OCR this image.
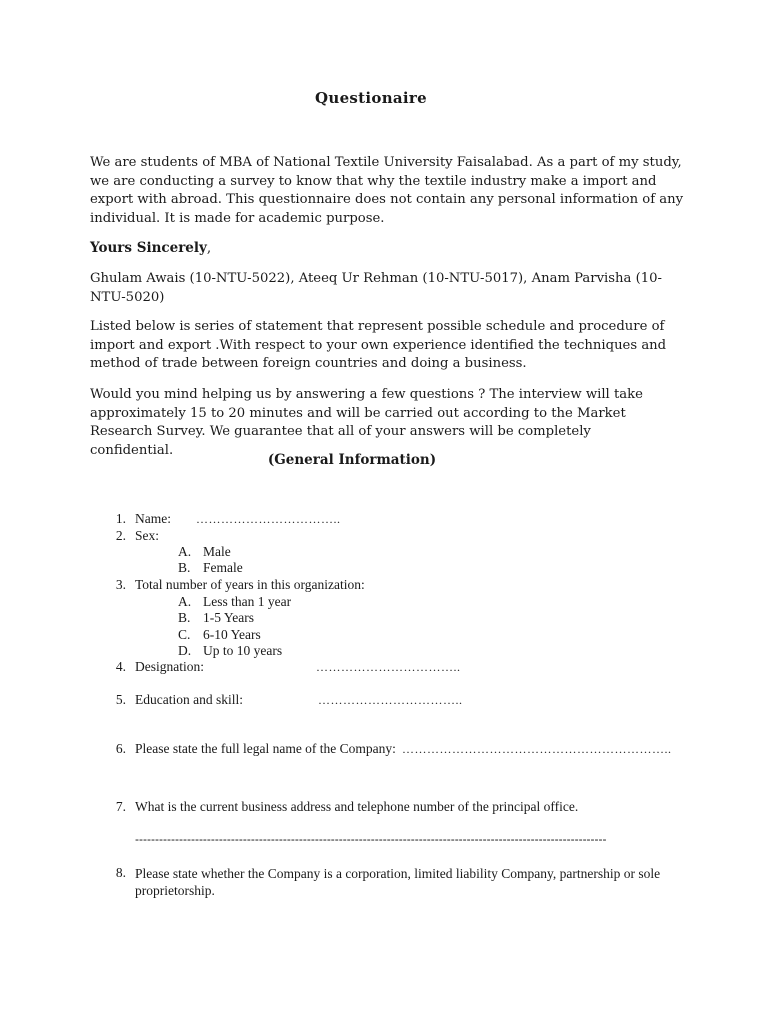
Questionaire

We are students of MBA of National Textile University Faisalabad. As a part of my study, we are conducting a survey to know that why the textile industry make a import and export with abroad. This questionnaire does not contain any personal information of any individual. It is made for academic purpose.

Yours Sincerely,

Ghulam Awais (10-NTU-5022), Ateeq Ur Rehman (10-NTU-5017), Anam Parvisha (10-NTU-5020)

Listed below is series of statement that represent possible schedule and procedure of import and export .With respect to your own experience identified the techniques and method of trade between foreign countries and doing a business.

Would you mind helping us by answering a few questions ? The interview will take approximately 15 to 20 minutes and will be carried out according to the Market Research Survey. We guarantee that all of your answers will be completely confidential.

(General Information)
1. Name: ……………………………..
2. Sex:
A. Male
B. Female
3. Total number of years in this organization:
A. Less than 1 year
B. 1-5 Years
C. 6-10 Years
D. Up to 10 years
4. Designation:	……………………………..
5. Education and skill:	……………………………..
6. Please state the full legal name of the Company: ………………………………………………………..
7. What is the current business address and telephone number of the principal office.
----------------------------------------------------------------------------------------------------------------------
8. Please state whether the Company is a corporation, limited liability Company, partnership or sole proprietorship.
